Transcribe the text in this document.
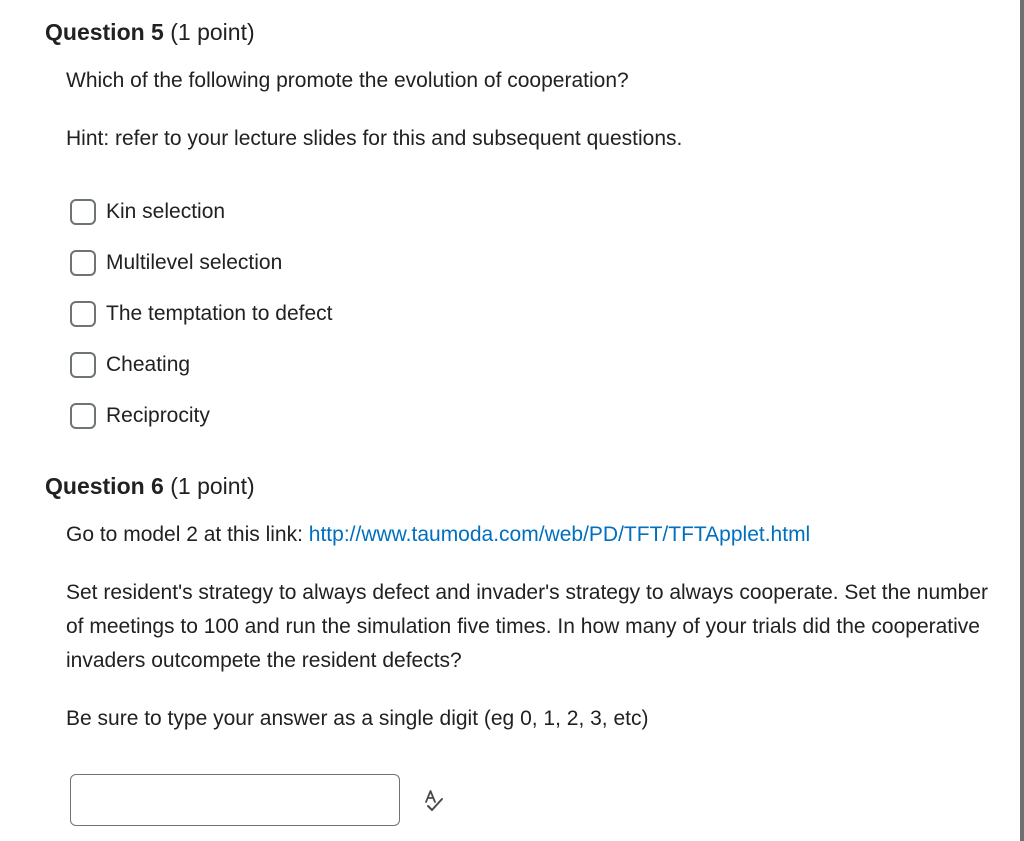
Question 5 (1 point)

Which of the following promote the evolution of cooperation?

Hint: refer to your lecture slides for this and subsequent questions.

Kin selection
Multilevel selection
The temptation to defect
Cheating
Reciprocity
Question 6 (1 point)

Go to model 2 at this link: http://www.taumoda.com/web/PD/TFT/TFTApplet.html

Set resident's strategy to always defect and invader's strategy to always cooperate. Set the number of meetings to 100 and run the simulation five times. In how many of your trials did the cooperative invaders outcompete the resident defects?

Be sure to type your answer as a single digit (eg 0, 1, 2, 3, etc)
